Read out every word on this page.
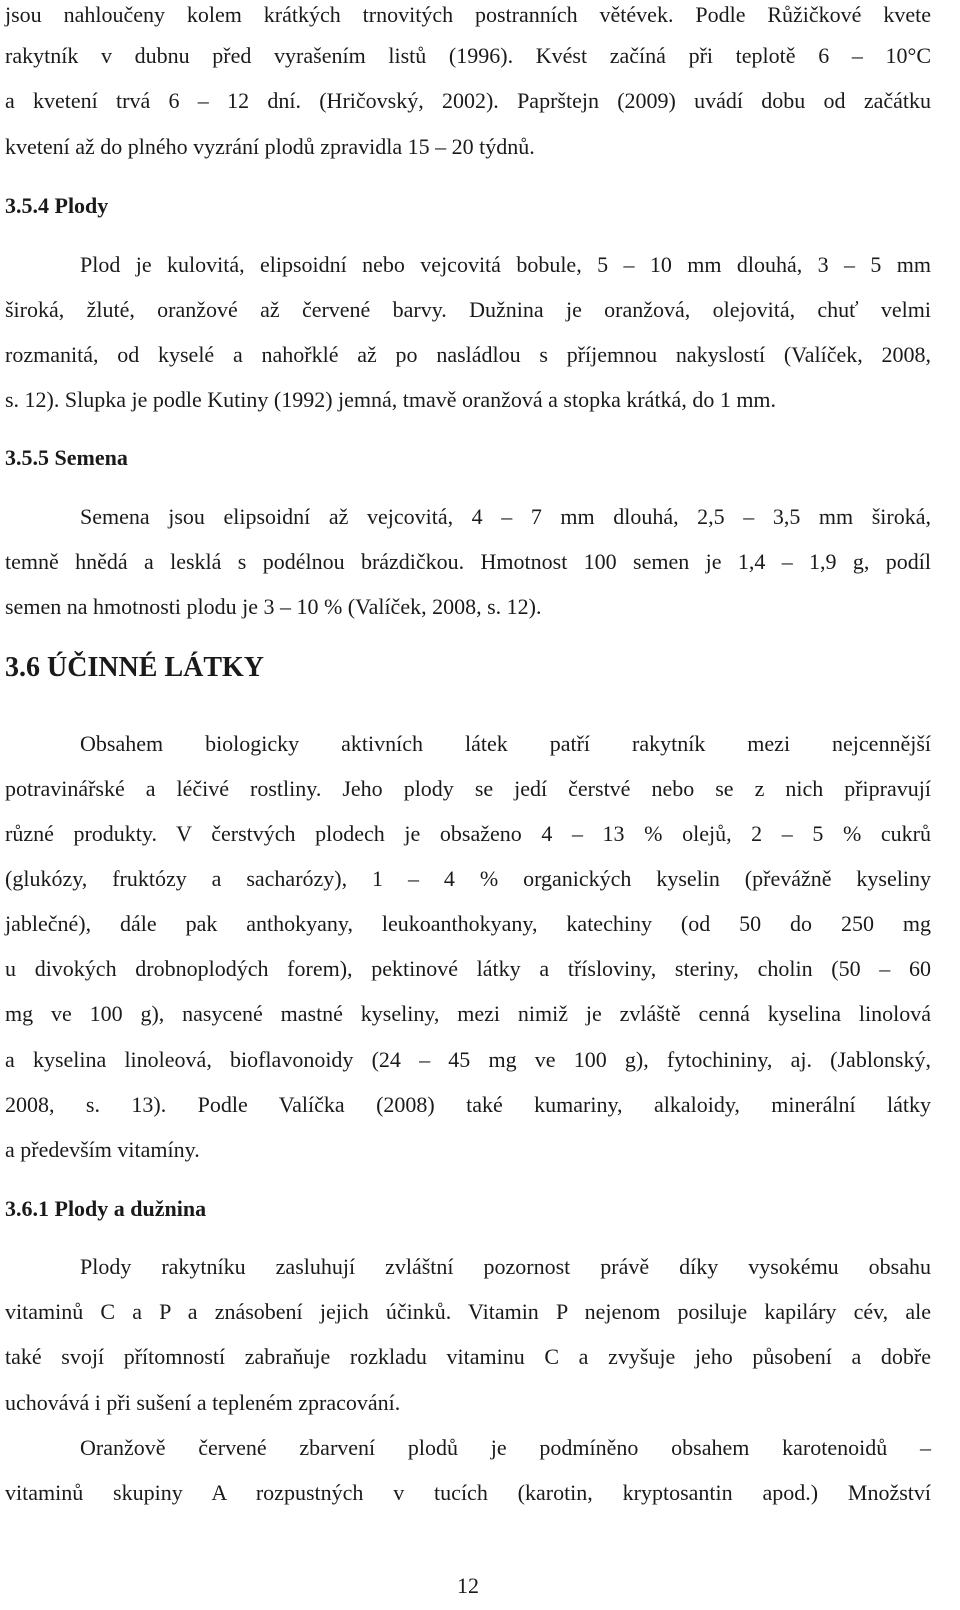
jsou nahloučeny kolem krátkých trnovitých postranních větévek. Podle Růžičkové kvete
rakytník v dubnu před vyrašením listů (1996). Kvést začíná při teplotě 6 – 10°C
a kvetení trvá 6 – 12 dní. (Hričovský, 2002). Papršteјn (2009) uvádí dobu od začátku
kvetení až do plného vyzrání plodů zpravidla 15 – 20 týdnů.
3.5.4 Plody
Plod je kulovitá, elipsoidní nebo vejcovitá bobule, 5 – 10 mm dlouhá, 3 – 5 mm
široká, žluté, oranžové až červené barvy. Dužnina je oranžová, olejovitá, chuť velmi
rozmanitá, od kyselé a nahořklé až po nasládlou s příjemnou nakyslostí (Valíček, 2008,
s. 12). Slupka je podle Kutiny (1992) jemná, tmavě oranžová a stopka krátká, do 1 mm.
3.5.5 Semena
Semena jsou elipsoidní až vejcovitá, 4 – 7 mm dlouhá, 2,5 – 3,5 mm široká,
temně hnědá a lesklá s podélnou brázdičkou. Hmotnost 100 semen je 1,4 – 1,9 g, podíl
semen na hmotnosti plodu je 3 – 10 % (Valíček, 2008, s. 12).
3.6 ÚČINNÉ LÁTKY
Obsahem biologicky aktivních látek patří rakytník mezi nejcennější
potravinářské a léčivé rostliny. Jeho plody se jedí čerstvé nebo se z nich připravují
různé produkty. V čerstvých plodech je obsaženo 4 – 13 % olejů, 2 – 5 % cukrů
(glukózy, fruktózy a sacharózy), 1 – 4 % organických kyselin (převážně kyseliny
jablečné), dále pak anthokyany, leukoanthokyany, katechiny (od 50 do 250 mg
u divokých drobnoplodých forem), pektinové látky a třísloviny, steriny, cholin (50 – 60
mg ve 100 g), nasycené mastné kyseliny, mezi nimiž je zvláště cenná kyselina linolová
a kyselina linoleová, bioflavonoidy (24 – 45 mg ve 100 g), fytochininy, aj. (Jablonský,
2008, s. 13). Podle Valíčka (2008) také kumariny, alkaloidy, minerální látky
a především vitamíny.
3.6.1 Plody a dužnina
Plody rakytníku zasluhují zvláštní pozornost právě díky vysokému obsahu
vitaminů C a P a znásobení jejich účinků. Vitamin P nejenom posiluje kapiláry cév, ale
také svojí přítomností zabraňuje rozkladu vitaminu C a zvyšuje jeho působení a dobře
uchovává i při sušení a tepleném zpracování.
Oranžově červené zbarvení plodů je podmíněno obsahem karotenoidů –
vitaminů skupiny A rozpustných v tucích (karotin, kryptosantin apod.) Množství
12
